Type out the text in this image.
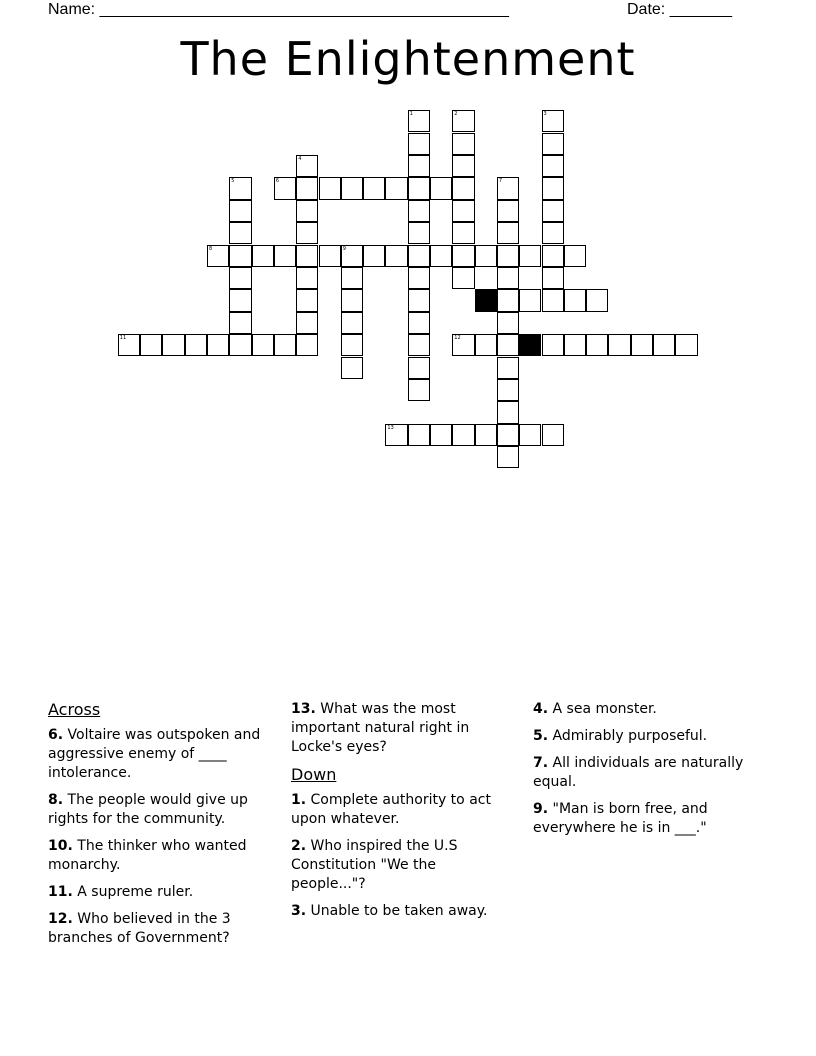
Name: ______________________________________________	Date: _______
The Enlightenment
1	2	3
4
5	6	7
8	9
10
11	12
13
Across
6. Voltaire was outspoken and aggressive enemy of ____ intolerance.
8. The people would give up rights for the community.
10. The thinker who wanted monarchy.
11. A supreme ruler.
12. Who believed in the 3 branches of Government?
13. What was the most important natural right in Locke's eyes?
Down
1. Complete authority to act upon whatever.
2. Who inspired the U.S Constitution "We the people..."?
3. Unable to be taken away.
4. A sea monster.
5. Admirably purposeful.
7. All individuals are naturally equal.
9. "Man is born free, and everywhere he is in ___."
